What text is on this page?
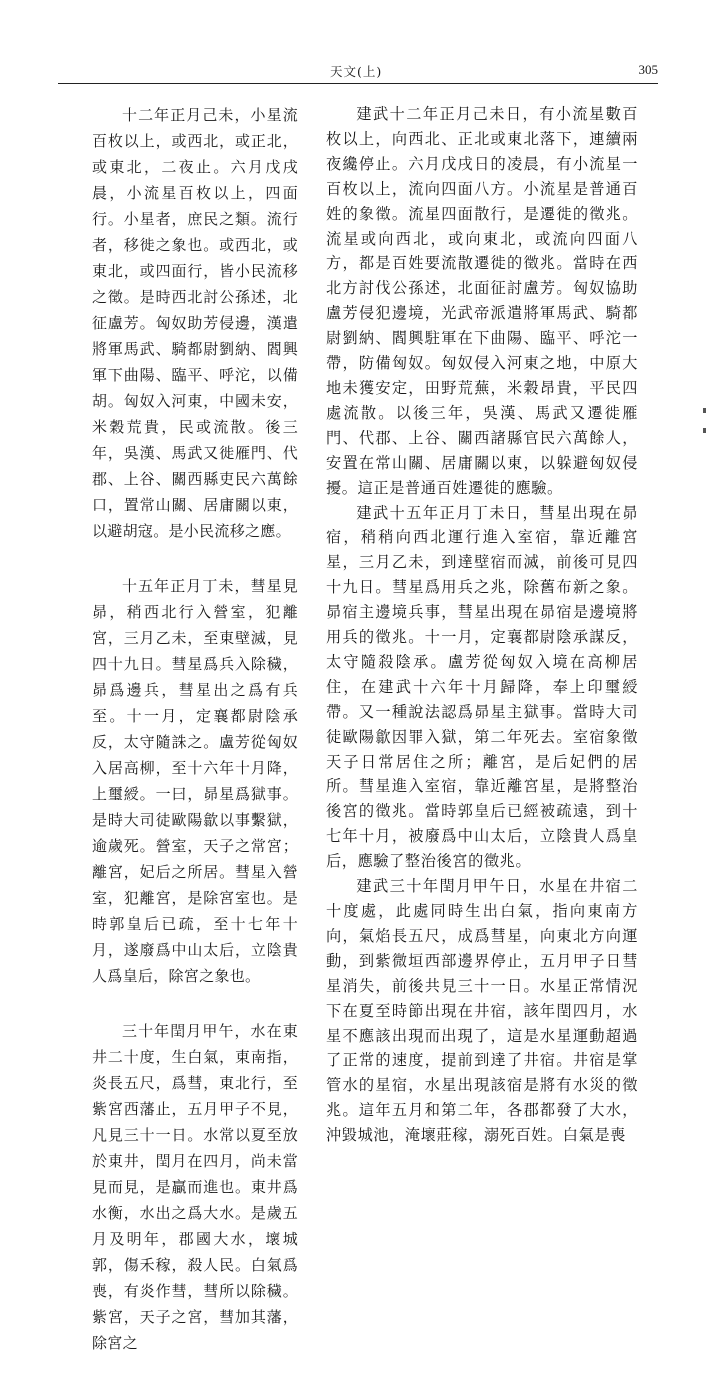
天文(上)	305

十二年正月己未，小星流百枚以上，或西北，或正北，或東北，二夜止。六月戊戌晨，小流星百枚以上，四面行。小星者，庶民之類。流行者，移徙之象也。或西北，或東北，或四面行，皆小民流移之徵。是時西北討公孫述，北征盧芳。匈奴助芳侵邊，漢遣將軍馬武、騎都尉劉納、閻興軍下曲陽、臨平、呼沱，以備胡。匈奴入河東，中國未安，米穀荒貴，民或流散。後三年，吳漢、馬武又徙雁門、代郡、上谷、關西縣吏民六萬餘口，置常山關、居庸關以東，以避胡寇。是小民流移之應。

十五年正月丁未，彗星見昴，稍西北行入營室，犯離宮，三月乙未，至東壁滅，見四十九日。彗星爲兵入除穢，昴爲邊兵，彗星出之爲有兵至。十一月，定襄都尉陰承反，太守隨誅之。盧芳從匈奴入居高柳，至十六年十月降，上璽綬。一曰，昴星爲獄事。是時大司徒歐陽歙以事繫獄，逾歲死。營室，天子之常宮；離宮，妃后之所居。彗星入營室，犯離宮，是除宮室也。是時郭皇后已疏，至十七年十月，遂廢爲中山太后，立陰貴人爲皇后，除宮之象也。

三十年閏月甲午，水在東井二十度，生白氣，東南指，炎長五尺，爲彗，東北行，至紫宮西藩止，五月甲子不見，凡見三十一日。水常以夏至放於東井，閏月在四月，尚未當見而見，是贏而進也。東井爲水衡，水出之爲大水。是歲五月及明年，郡國大水，壞城郭，傷禾稼，殺人民。白氣爲喪，有炎作彗，彗所以除穢。紫宮，天子之宮，彗加其藩，除宮之

建武十二年正月己未日，有小流星數百枚以上，向西北、正北或東北落下，連續兩夜纔停止。六月戊戌日的凌晨，有小流星一百枚以上，流向四面八方。小流星是普通百姓的象徵。流星四面散行，是遷徙的徵兆。流星或向西北，或向東北，或流向四面八方，都是百姓要流散遷徙的徵兆。當時在西北方討伐公孫述，北面征討盧芳。匈奴協助盧芳侵犯邊境，光武帝派遣將軍馬武、騎都尉劉納、閻興駐軍在下曲陽、臨平、呼沱一帶，防備匈奴。匈奴侵入河東之地，中原大地未獲安定，田野荒蕪，米穀昂貴，平民四處流散。以後三年，吳漢、馬武又遷徙雁門、代郡、上谷、關西諸縣官民六萬餘人，安置在常山關、居庸關以東，以躲避匈奴侵擾。這正是普通百姓遷徙的應驗。

建武十五年正月丁未日，彗星出現在昴宿，稍稍向西北運行進入室宿，靠近離宮星，三月乙未，到達壁宿而滅，前後可見四十九日。彗星爲用兵之兆，除舊布新之象。昴宿主邊境兵事，彗星出現在昴宿是邊境將用兵的徵兆。十一月，定襄都尉陰承謀反，太守隨殺陰承。盧芳從匈奴入境在高柳居住，在建武十六年十月歸降，奉上印璽綬帶。又一種說法認爲昴星主獄事。當時大司徒歐陽歙因罪入獄，第二年死去。室宿象徵天子日常居住之所；離宮，是后妃們的居所。彗星進入室宿，靠近離宮星，是將整治後宮的徵兆。當時郭皇后已經被疏遠，到十七年十月，被廢爲中山太后，立陰貴人爲皇后，應驗了整治後宮的徵兆。

建武三十年閏月甲午日，水星在井宿二十度處，此處同時生出白氣，指向東南方向，氣焰長五尺，成爲彗星，向東北方向運動，到紫微垣西部邊界停止，五月甲子日彗星消失，前後共見三十一日。水星正常情況下在夏至時節出現在井宿，該年閏四月，水星不應該出現而出現了，這是水星運動超過了正常的速度，提前到達了井宿。井宿是掌管水的星宿，水星出現該宿是將有水災的徵兆。這年五月和第二年，各郡都發了大水，沖毀城池，淹壞莊稼，溺死百姓。白氣是喪
